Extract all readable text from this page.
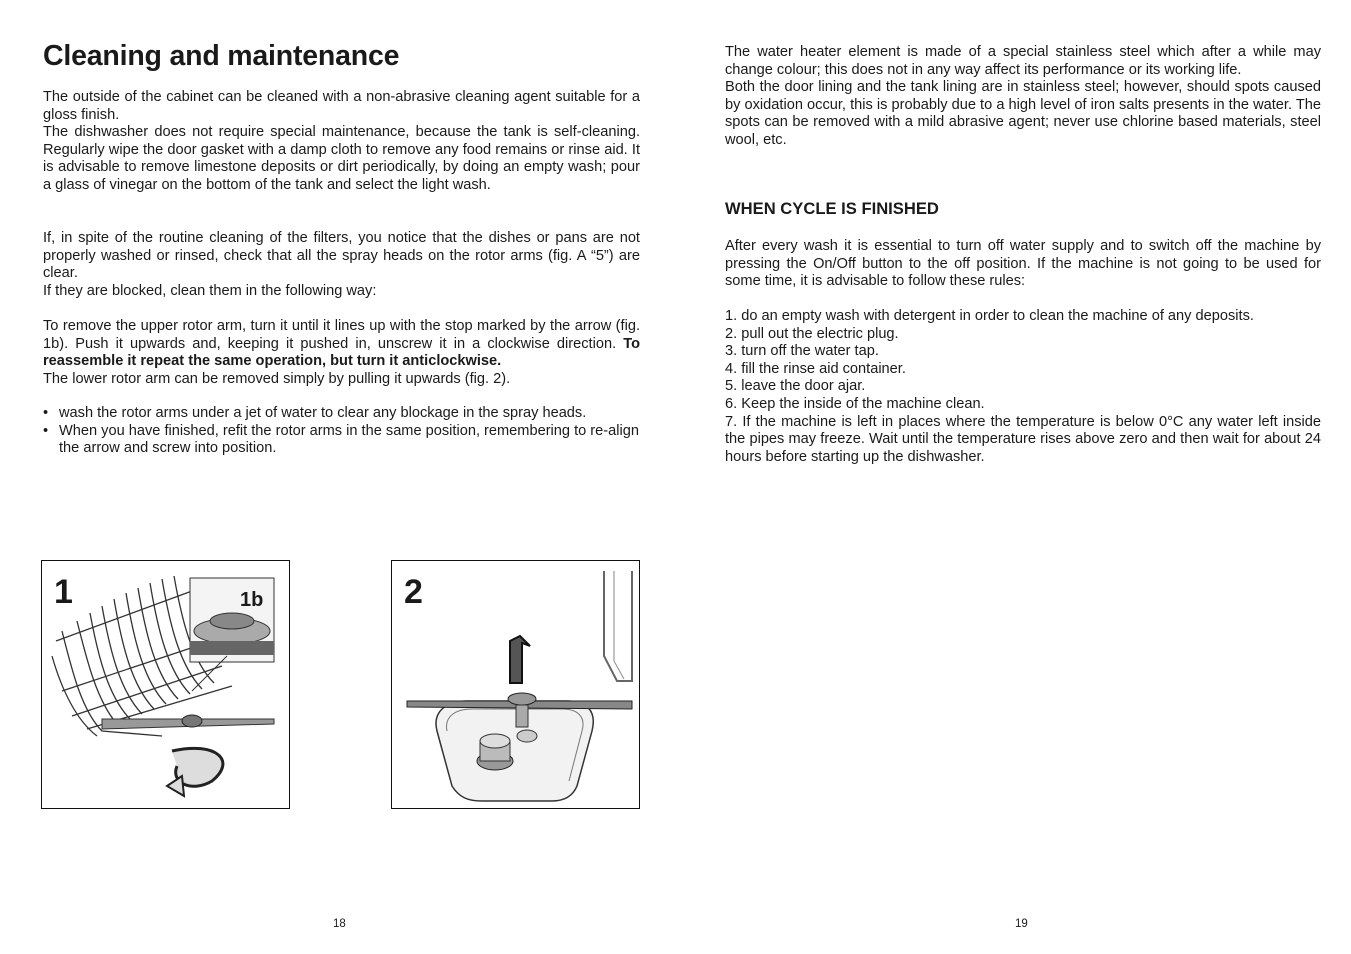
Cleaning and maintenance
The outside of the cabinet can be cleaned with a non-abrasive cleaning agent suitable for a gloss finish.
The dishwasher does not require special maintenance, because the tank is self-cleaning. Regularly wipe the door gasket with a damp cloth to remove any food remains or rinse aid. It is advisable to remove limestone deposits or dirt periodically, by doing an empty wash; pour a glass of vinegar on the bottom of the tank and select the light wash.
If, in spite of the routine cleaning of the filters, you notice that the dishes or pans are not properly washed or rinsed, check that all the spray heads on the rotor arms (fig. A “5”) are clear.
If they are blocked, clean them in the following way:
To remove the upper rotor arm, turn it until it lines up with the stop marked by the arrow (fig. 1b). Push it upwards and, keeping it pushed in, unscrew it in a clockwise direction. To reassemble it repeat the same operation, but turn it anticlockwise.
The lower rotor arm can be removed simply by pulling it upwards (fig. 2).
• wash the rotor arms under a jet of water to clear any blockage in the spray heads.
• When you have finished, refit the rotor arms in the same position, remembering to re-align the arrow and screw into position.
1	1b	2
18
The water heater element is made of a special stainless steel which after a while may change colour; this does not in any way affect its performance or its working life.
Both the door lining and the tank lining are in stainless steel; however, should spots caused by oxidation occur, this is probably due to a high level of iron salts presents in the water. The spots can be removed with a mild abrasive agent; never use chlorine based materials, steel wool, etc.
WHEN CYCLE IS FINISHED
After every wash it is essential to turn off water supply and to switch off the machine by pressing the On/Off button to the off position. If the machine is not going to be used for some time, it is advisable to follow these rules:
1. do an empty wash with detergent in order to clean the machine of any deposits.
2. pull out the electric plug.
3. turn off the water tap.
4. fill the rinse aid container.
5. leave the door ajar.
6. Keep the inside of the machine clean.
7. If the machine is left in places where the temperature is below 0°C any water left inside the pipes may freeze. Wait until the temperature rises above zero and then wait for about 24 hours before starting up the dishwasher.
19
